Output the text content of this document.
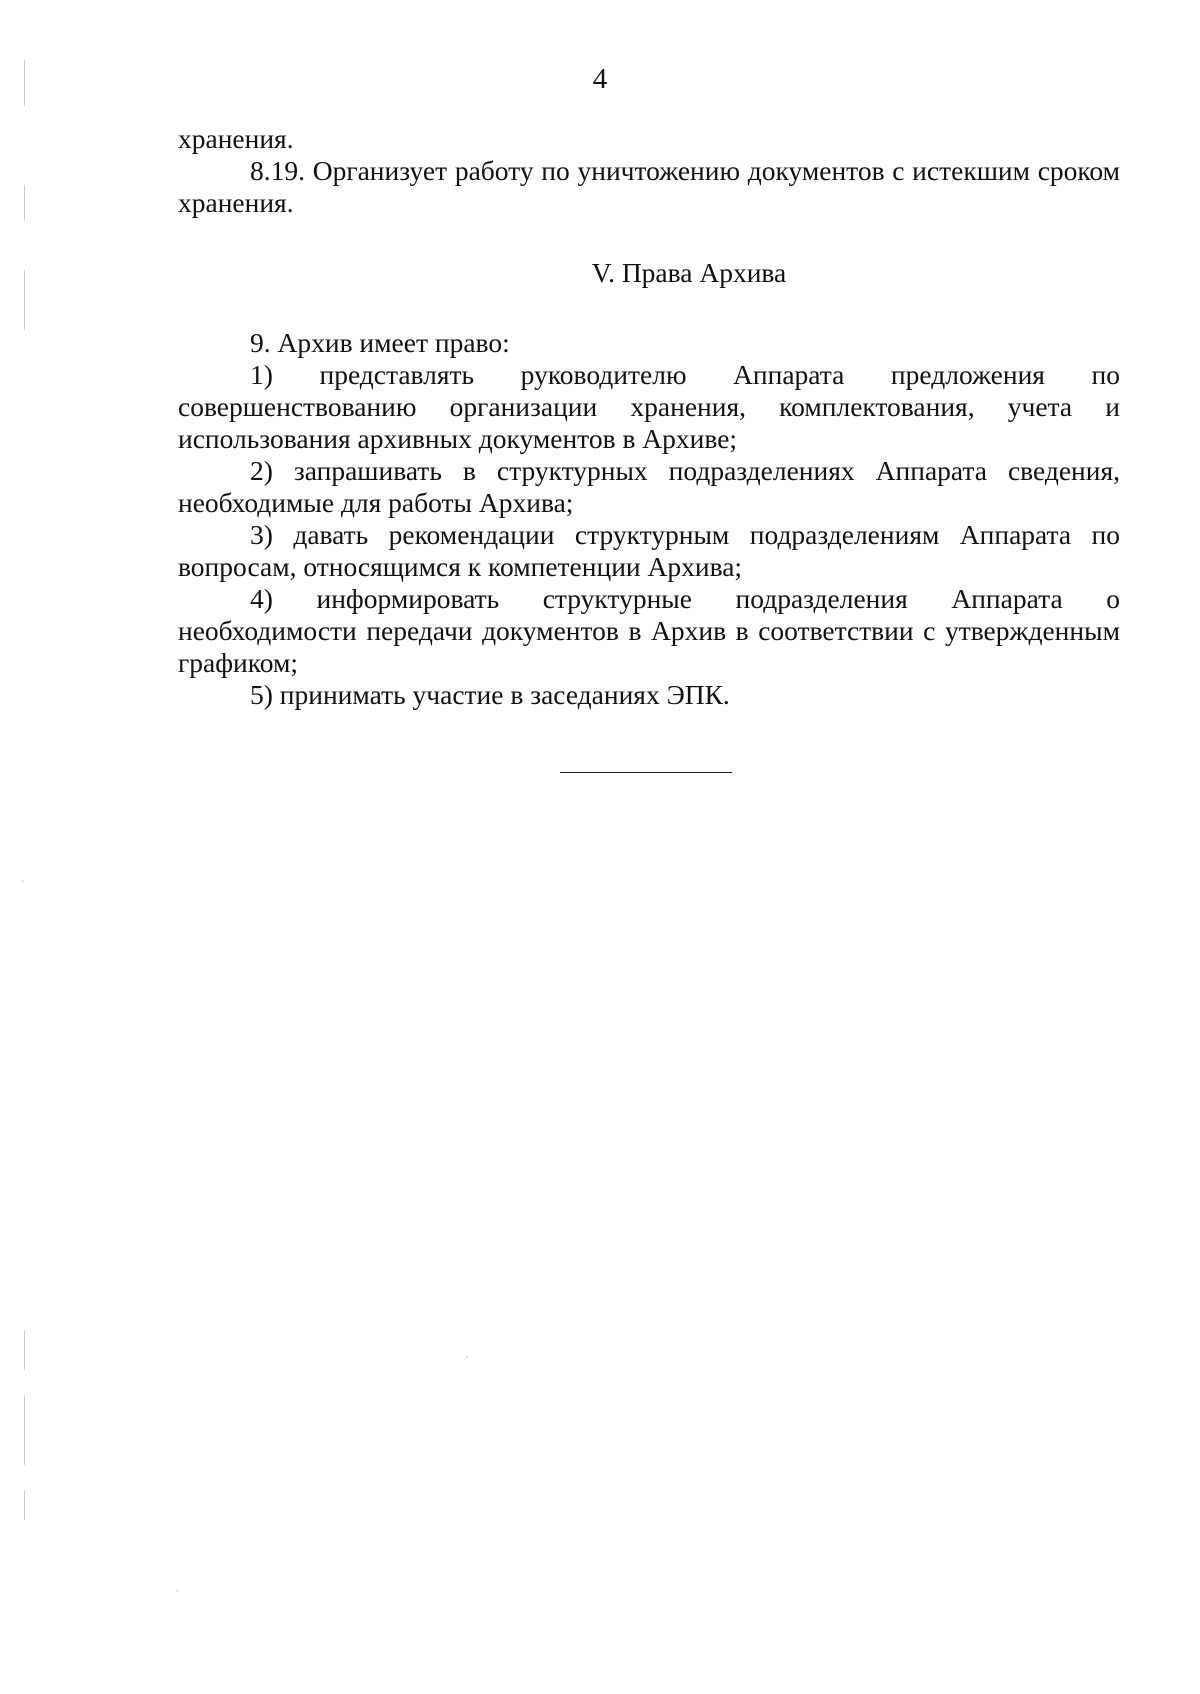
4

хранения.

8.19. Организует работу по уничтожению документов с истекшим сроком хранения.

V. Права Архива

9. Архив имеет право:

1) представлять руководителю Аппарата предложения по совершенствованию организации хранения, комплектования, учета и использования архивных документов в Архиве;

2) запрашивать в структурных подразделениях Аппарата сведения, необходимые для работы Архива;

3) давать рекомендации структурным подразделениям Аппарата по вопросам, относящимся к компетенции Архива;

4) информировать структурные подразделения Аппарата о необходимости передачи документов в Архив в соответствии с утвержденным графиком;

5) принимать участие в заседаниях ЭПК.
